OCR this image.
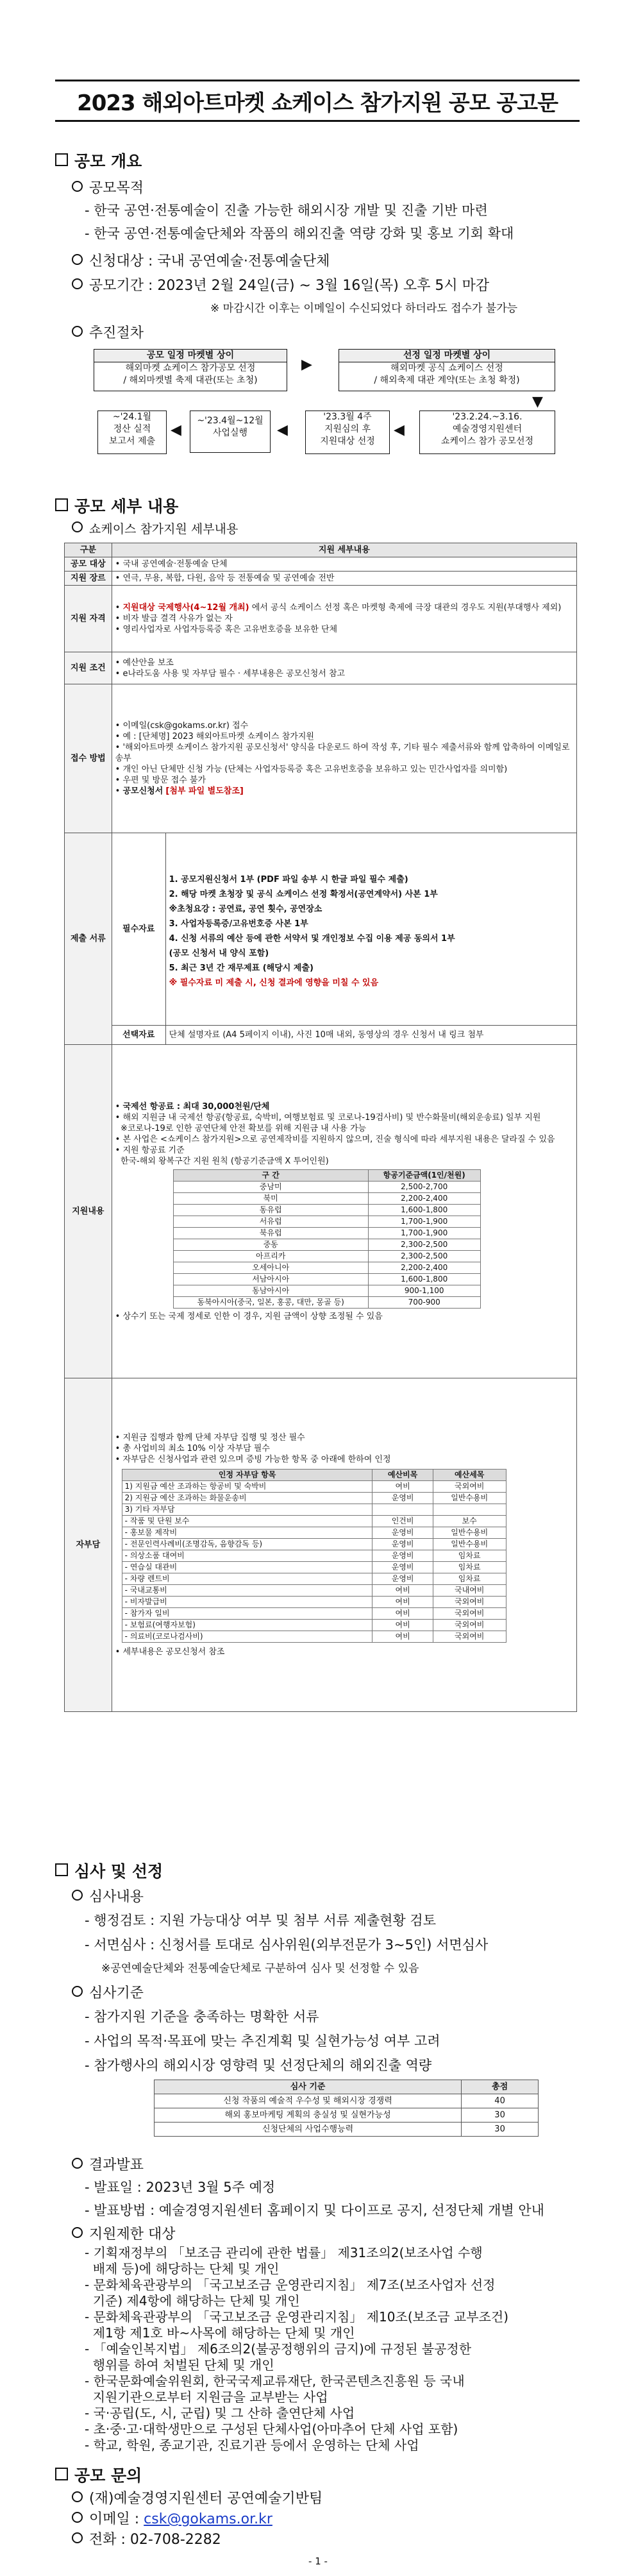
2023 해외아트마켓 쇼케이스 참가지원 공모 공고문
공모 개요
공모목적
- 한국 공연·전통예술이 진출 가능한 해외시장 개발 및 진출 기반 마련
- 한국 공연·전통예술단체와 작품의 해외진출 역량 강화 및 홍보 기회 확대
신청대상 : 국내 공연예술·전통예술단체
공모기간 : 2023년 2월 24일(금) ~ 3월 16일(목) 오후 5시 마감
※ 마감시간 이후는 이메일이 수신되었다 하더라도 접수가 불가능
추진절차
공모 일정 마켓별 상이
해외마켓 쇼케이스 참가공모 선정
/ 해외마켓별 축제 대관(또는 초청)
▶
선정 일정 마켓별 상이
해외마켓 공식 쇼케이스 선정
/ 해외축제 대관 계약(또는 초청 확정)
▼
~'24.1월
정산 실적
보고서 제출
◀
~'23.4월~12월
사업실행	◀
'23.3월 4주
지원심의 후
지원대상 선정
◀
'23.2.24.~3.16.
예술경영지원센터
쇼케이스 참가 공모선정
공모 세부 내용
쇼케이스 참가지원 세부내용
구분	지원 세부내용
공모 대상	• 국내 공연예술·전통예술 단체
지원 장르	• 연극, 무용, 복합, 다원, 음악 등 전통예술 및 공연예술 전반
지원 자격	• 지원대상 국제행사(4~12월 개최) 에서 공식 쇼케이스 선정 혹은 마켓형 축제에 극장 대관의 경우도 지원(부대행사 제외)
• 비자 발급 결격 사유가 없는 자
• 영리사업자로 사업자등록증 혹은 고유번호증을 보유한 단체
지원 조건	• 예산안을 보조
• e나라도움 사용 및 자부담 필수 · 세부내용은 공모신청서 참고
접수 방법	• 이메일(csk@gokams.or.kr) 접수
• 예 : [단체명] 2023 해외아트마켓 쇼케이스 참가지원
• '해외아트마켓 쇼케이스 참가지원 공모신청서' 양식을 다운로드 하여 작성 후, 기타 필수 제출서류와 함께 압축하여 이메일로 송부
• 개인 아닌 단체만 신청 가능 (단체는 사업자등록증 혹은 고유번호증을 보유하고 있는 민간사업자를 의미함)
• 우편 및 방문 접수 불가
• 공모신청서 [첨부 파일 별도참조]
제출 서류	필수자료	
1. 공모지원신청서 1부 (PDF 파일 송부 시 한글 파일 필수 제출)
2. 해당 마켓 초청장 및 공식 쇼케이스 선정 확정서(공연계약서) 사본 1부
※초청요강 : 공연료, 공연 횟수, 공연장소
3. 사업자등록증/고유번호증 사본 1부
4. 신청 서류의 예산 등에 관한 서약서 및 개인정보 수집 이용 제공 동의서 1부
(공모 신청서 내 양식 포함)
5. 최근 3년 간 재무제표 (해당시 제출)
※ 필수자료 미 제출 시, 신청 결과에 영향을 미칠 수 있음

선택자료	단체 설명자료 (A4 5페이지 이내), 사진 10매 내외, 동영상의 경우 신청서 내 링크 첨부
지원내용	• 국제선 항공료 : 최대 30,000천원/단체
• 해외 지원금 내 국제선 항공(항공료, 숙박비, 여행보험료 및 코로나-19검사비) 및 반수화물비(해외운송료) 일부 지원
※코로나-19로 인한 공연단체 안전 확보를 위해 지원금 내 사용 가능
• 본 사업은 <쇼케이스 참가지원>으로 공연제작비를 지원하지 않으며, 진술 형식에 따라 세부지원 내용은 달라질 수 있음
• 지원 항공료 기준
한국-해외 왕복구간 지원 원칙 (항공기준금액 X 투어인원)
구 간	항공기준금액(1인/천원)
중남미	2,500-2,700
북미	2,200-2,400
동유럽	1,600-1,800
서유럽	1,700-1,900
북유럽	1,700-1,900
중동	2,300-2,500
아프리카	2,300-2,500
오세아니아	2,200-2,400
서남아시아	1,600-1,800
동남아시아	900-1,100
동북아시아(중국, 일본, 홍콩, 대만, 몽골 등)	700-900
• 상수기 또는 국제 정세로 인한 이 경우, 지원 금액이 상향 조정될 수 있음
자부담	• 지원금 집행과 함께 단체 자부담 집행 및 정산 필수
• 총 사업비의 최소 10% 이상 자부담 필수
• 자부담은 신청사업과 관련 있으며 증빙 가능한 항목 중 아래에 한하여 인정
인정 자부담 항목	예산비목	예산세목
1) 지원금 예산 조과하는 항공비 및 숙박비	여비	국외여비
2) 지원금 예산 조과하는 화물운송비	운영비	일반수용비
3) 기타 자부담		
- 작품 및 단원 보수	인건비	보수
- 홍보물 제작비	운영비	일반수용비
- 전문인력사례비(조명감독, 음향감독 등)	운영비	일반수용비
- 의상소품 대여비	운영비	임차료
- 연습실 대관비	운영비	임차료
- 차량 렌트비	운영비	임차료
- 국내교통비	여비	국내여비
- 비자발급비	여비	국외여비
- 참가자 일비	여비	국외여비
- 보험료(여행자보험)	여비	국외여비
- 의료비(코로나검사비)	여비	국외여비
• 세부내용은 공모신청서 참조
심사 및 선정
심사내용
- 행정검토 : 지원 가능대상 여부 및 첨부 서류 제출현황 검토
- 서면심사 : 신청서를 토대로 심사위원(외부전문가 3~5인) 서면심사
※공연예술단체와 전통예술단체로 구분하여 심사 및 선정할 수 있음
심사기준
- 참가지원 기준을 충족하는 명확한 서류
- 사업의 목적·목표에 맞는 추진계획 및 실현가능성 여부 고려
- 참가행사의 해외시장 영향력 및 선정단체의 해외진출 역량
심사 기준	총점
신청 작품의 예술적 우수성 및 해외시장 경쟁력	40
해외 홍보마케팅 계획의 충실성 및 실현가능성	30
신청단체의 사업수행능력	30
결과발표
- 발표일 : 2023년 3월 5주 예정
- 발표방법 : 예술경영지원센터 홈페이지 및 다이프로 공지, 선정단체 개별 안내
지원제한 대상
- 기획재정부의 「보조금 관리에 관한 법률」 제31조의2(보조사업 수행
배제 등)에 해당하는 단체 및 개인
- 문화체육관광부의 「국고보조금 운영관리지침」 제7조(보조사업자 선정
기준) 제4항에 해당하는 단체 및 개인
- 문화체육관광부의 「국고보조금 운영관리지침」 제10조(보조금 교부조건)
제1항 제1호 바~사목에 해당하는 단체 및 개인
- 「예술인복지법」 제6조의2(불공정행위의 금지)에 규정된 불공정한
행위를 하여 처벌된 단체 및 개인
- 한국문화예술위원회, 한국국제교류재단, 한국콘텐츠진흥원 등 국내
지원기관으로부터 지원금을 교부받는 사업
- 국·공립(도, 시, 군립) 및 그 산하 출연단체 사업
- 초·중·고·대학생만으로 구성된 단체사업(아마추어 단체 사업 포함)
- 학교, 학원, 종교기관, 진료기관 등에서 운영하는 단체 사업
공모 문의
(재)예술경영지원센터 공연예술기반팀
이메일 : csk@gokams.or.kr
전화 : 02-708-2282
- 1 -
